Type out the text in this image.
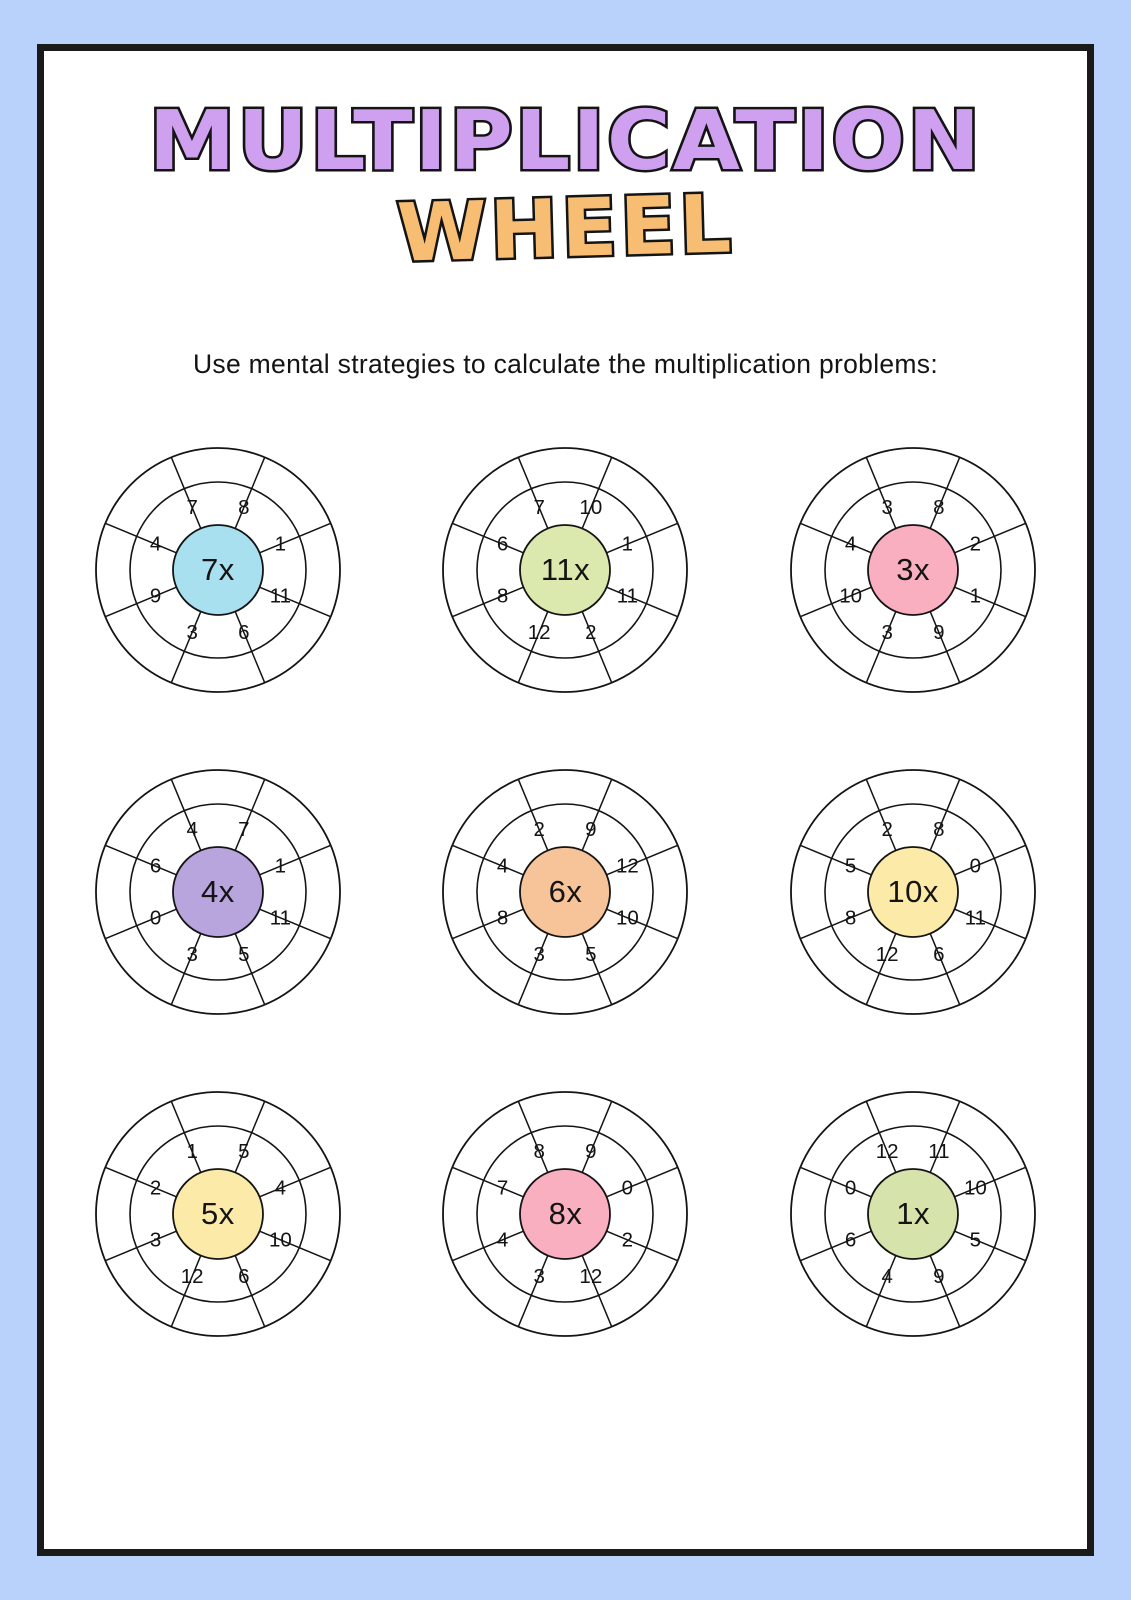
MULTIPLICATION
WHEEL
Use mental strategies to calculate the multiplication problems:
8
1
11
6
3
9
4
7
7x
10
1
11
2
12
8
6
7
11x
8
2
1
9
3
10
4
3
3x
7
1
11
5
3
0
6
4
4x
9
12
10
5
3
8
4
2
6x
8
0
11
6
12
8
5
2
10x
5
4
10
6
12
3
2
1
5x
9
0
2
12
3
4
7
8
8x
11
10
5
9
4
6
0
12
1x
